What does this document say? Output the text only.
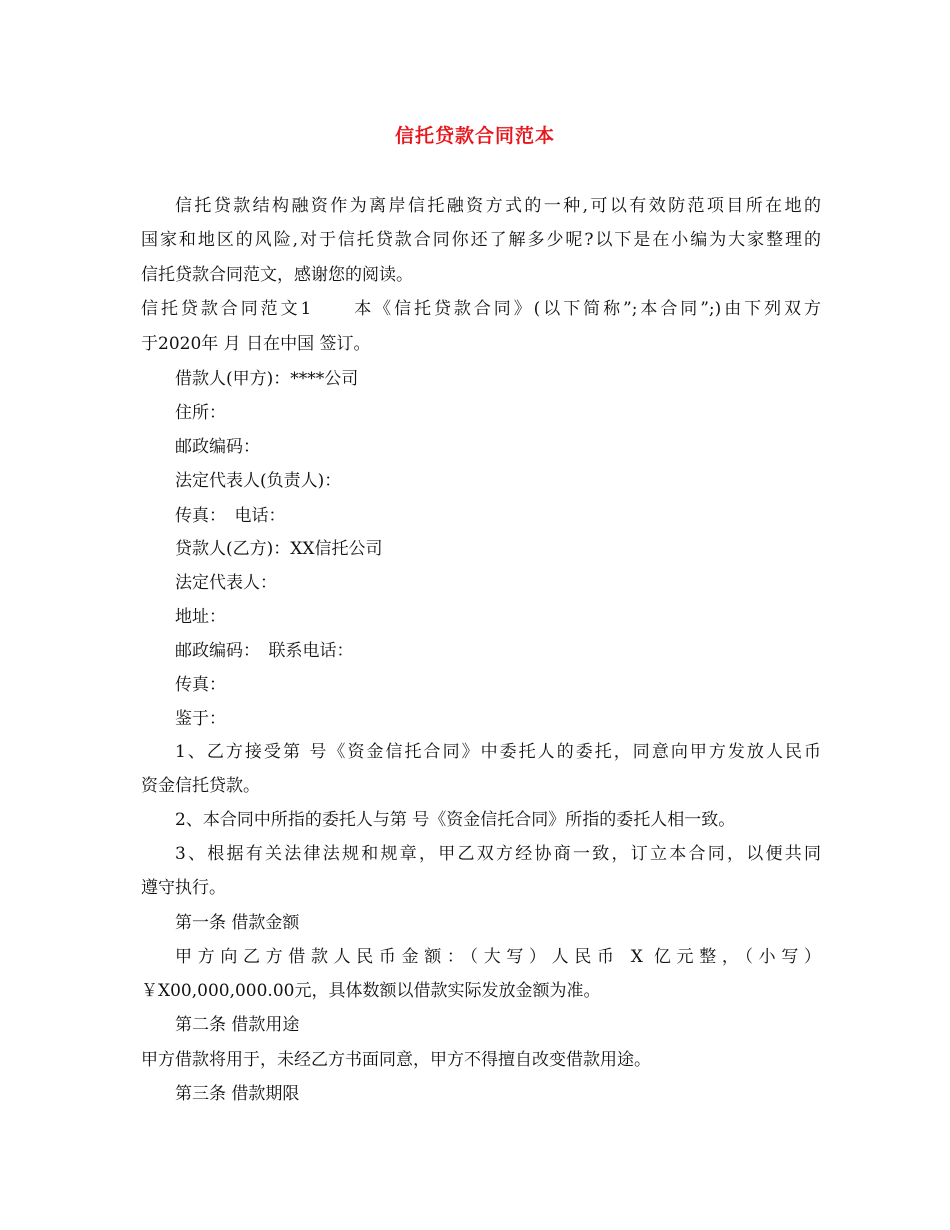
信托贷款合同范本
信托贷款结构融资作为离岸信托融资方式的一种,可以有效防范项目所在地的
国家和地区的风险,对于信托贷款合同你还了解多少呢?以下是在小编为大家整理的
信托贷款合同范文，感谢您的阅读。
信托贷款合同范文1　　本《信托贷款合同》(以下简称”;本合同”;)由下列双方
于2020年 月 日在中国 签订。
借款人(甲方)：****公司
住所：
邮政编码：
法定代表人(负责人)：
传真：　电话：
贷款人(乙方)：XX信托公司
法定代表人：
地址：
邮政编码：　联系电话：
传真：
鉴于：
1、乙方接受第 号《资金信托合同》中委托人的委托，同意向甲方发放人民币
资金信托贷款。
2、本合同中所指的委托人与第 号《资金信托合同》所指的委托人相一致。
3、根据有关法律法规和规章，甲乙双方经协商一致，订立本合同，以便共同
遵守执行。
第一条 借款金额
甲方向乙方借款人民币金额：（大写）人民币 X 亿元整，（小写）
￥X00,000,000.00元，具体数额以借款实际发放金额为准。
第二条 借款用途
甲方借款将用于，未经乙方书面同意，甲方不得擅自改变借款用途。
第三条 借款期限
